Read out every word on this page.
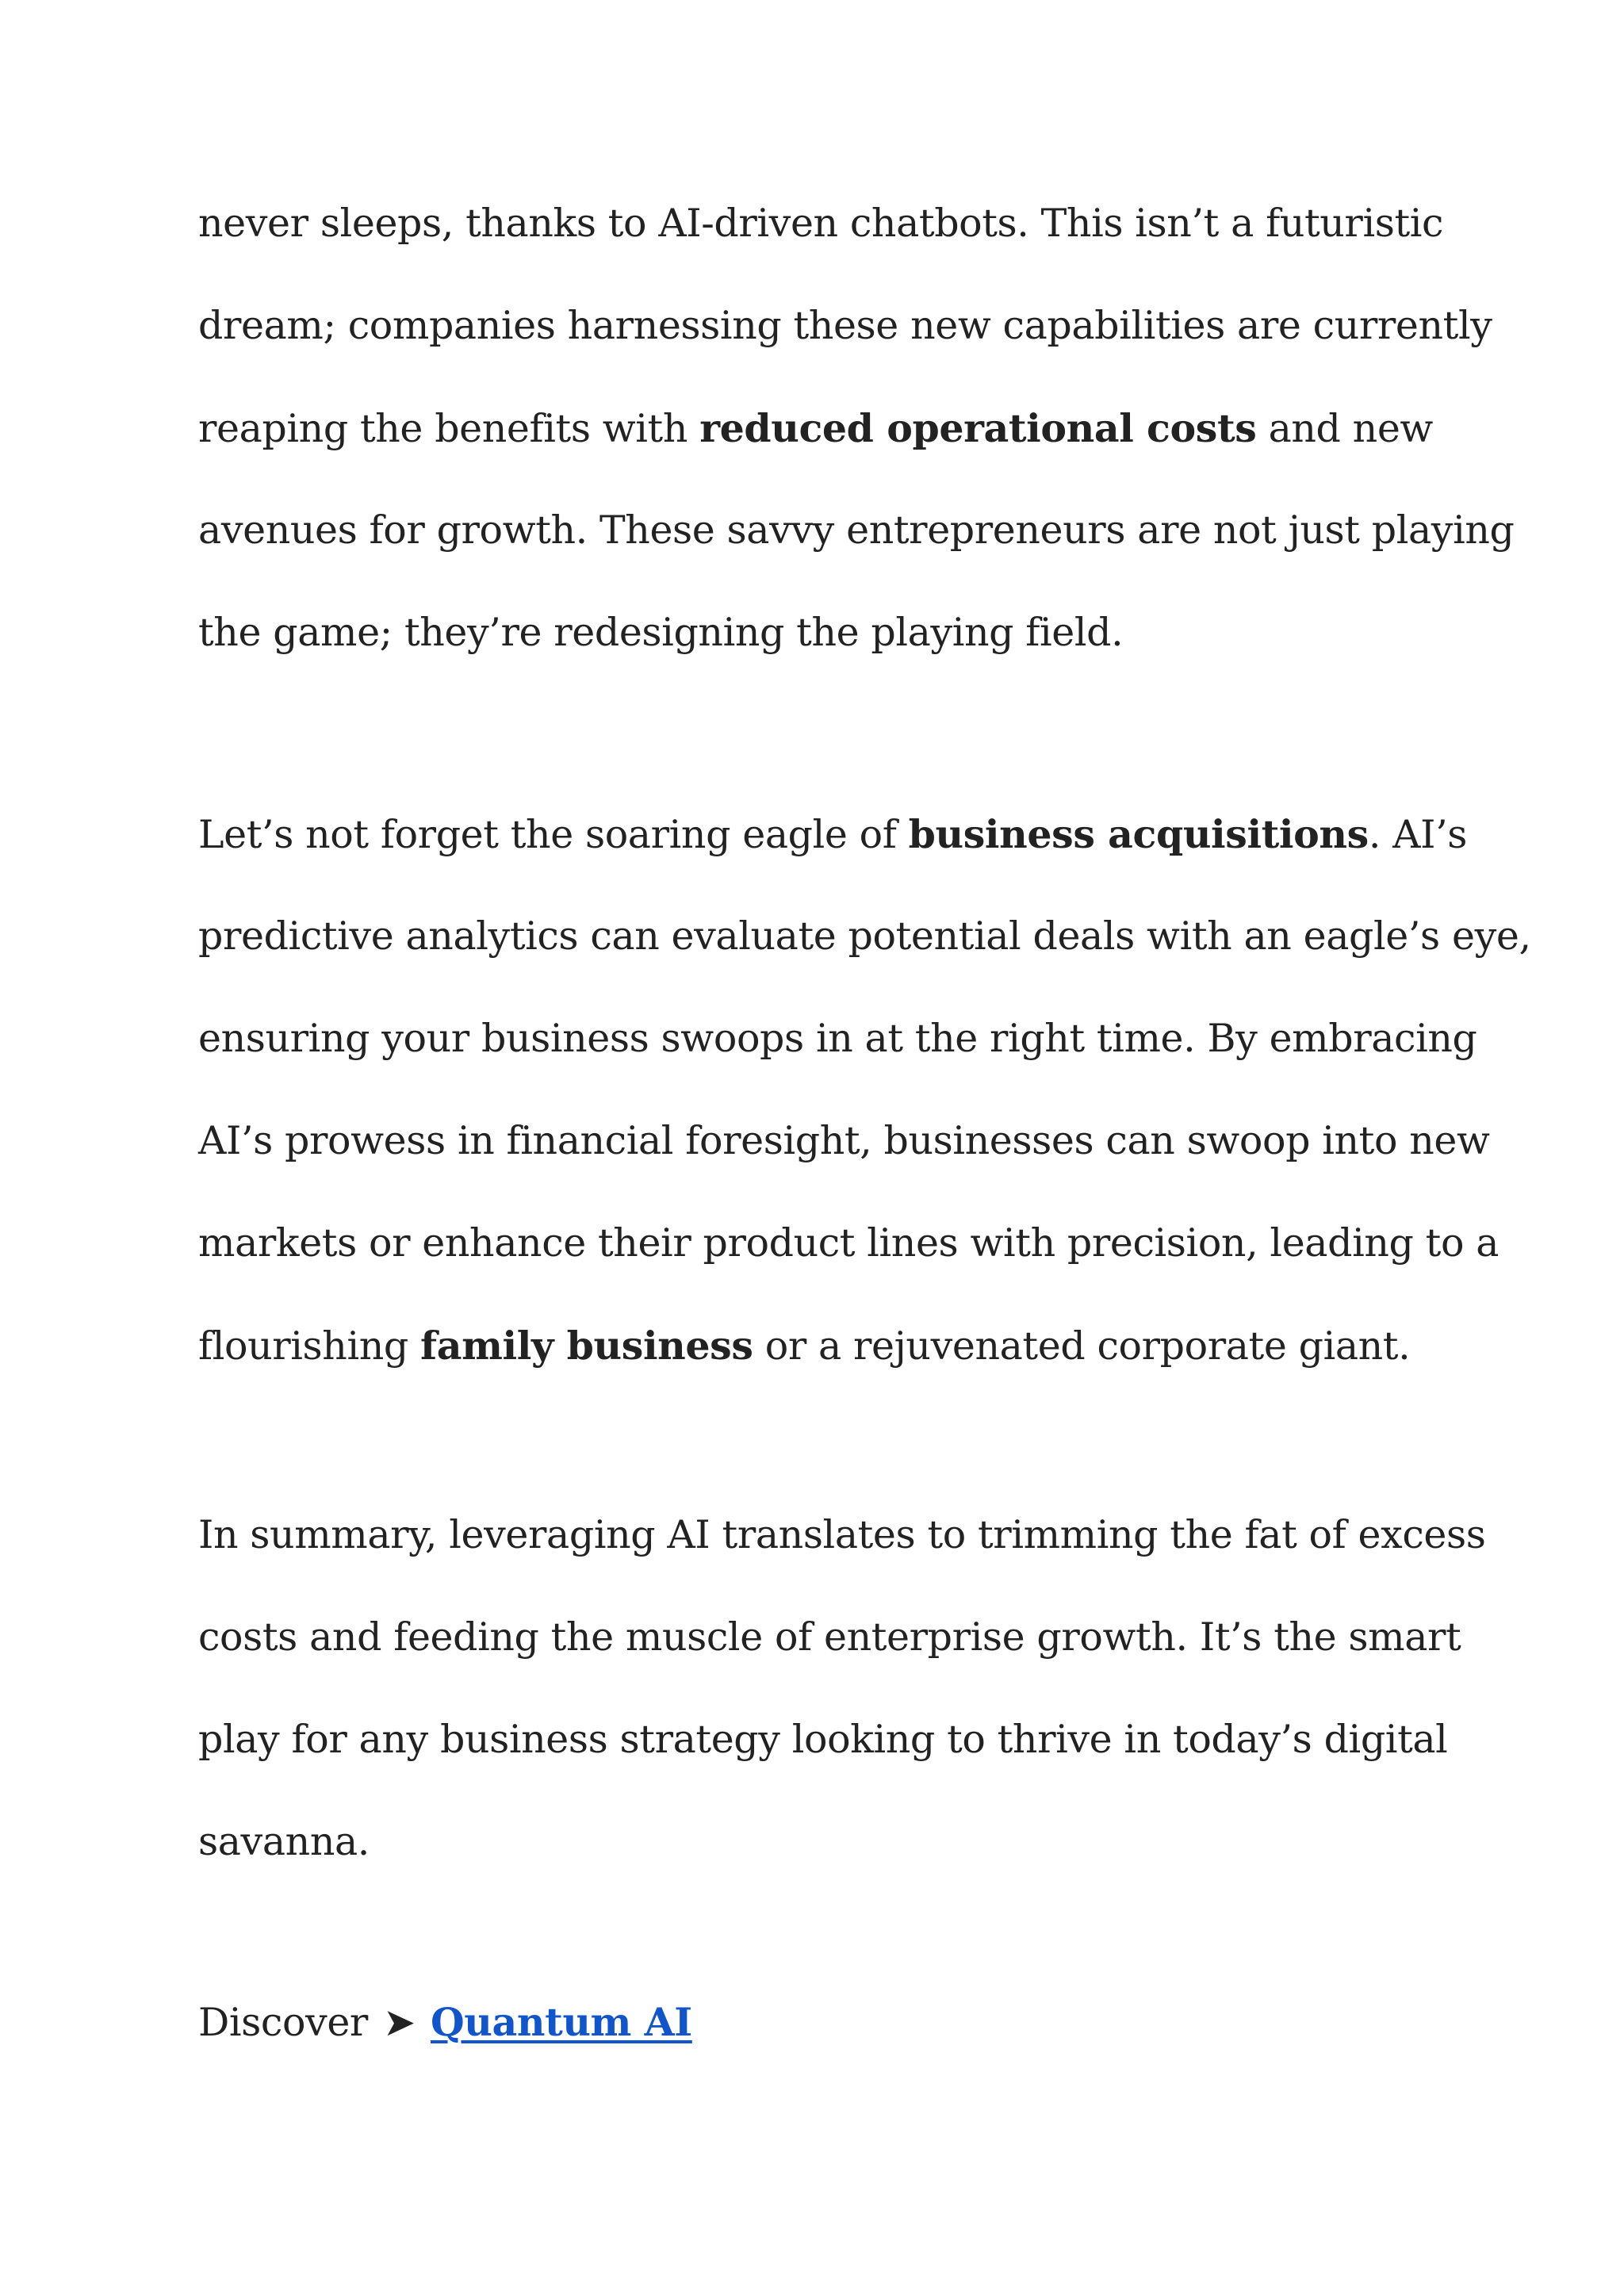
never sleeps, thanks to AI-driven chatbots. This isn’t a futuristic
dream; companies harnessing these new capabilities are currently
reaping the benefits with reduced operational costs and new
avenues for growth. These savvy entrepreneurs are not just playing
the game; they’re redesigning the playing field.

Let’s not forget the soaring eagle of business acquisitions. AI’s
predictive analytics can evaluate potential deals with an eagle’s eye,
ensuring your business swoops in at the right time. By embracing
AI’s prowess in financial foresight, businesses can swoop into new
markets or enhance their product lines with precision, leading to a
flourishing family business or a rejuvenated corporate giant.

In summary, leveraging AI translates to trimming the fat of excess
costs and feeding the muscle of enterprise growth. It’s the smart
play for any business strategy looking to thrive in today’s digital
savanna.

Discover ➤ Quantum AI
